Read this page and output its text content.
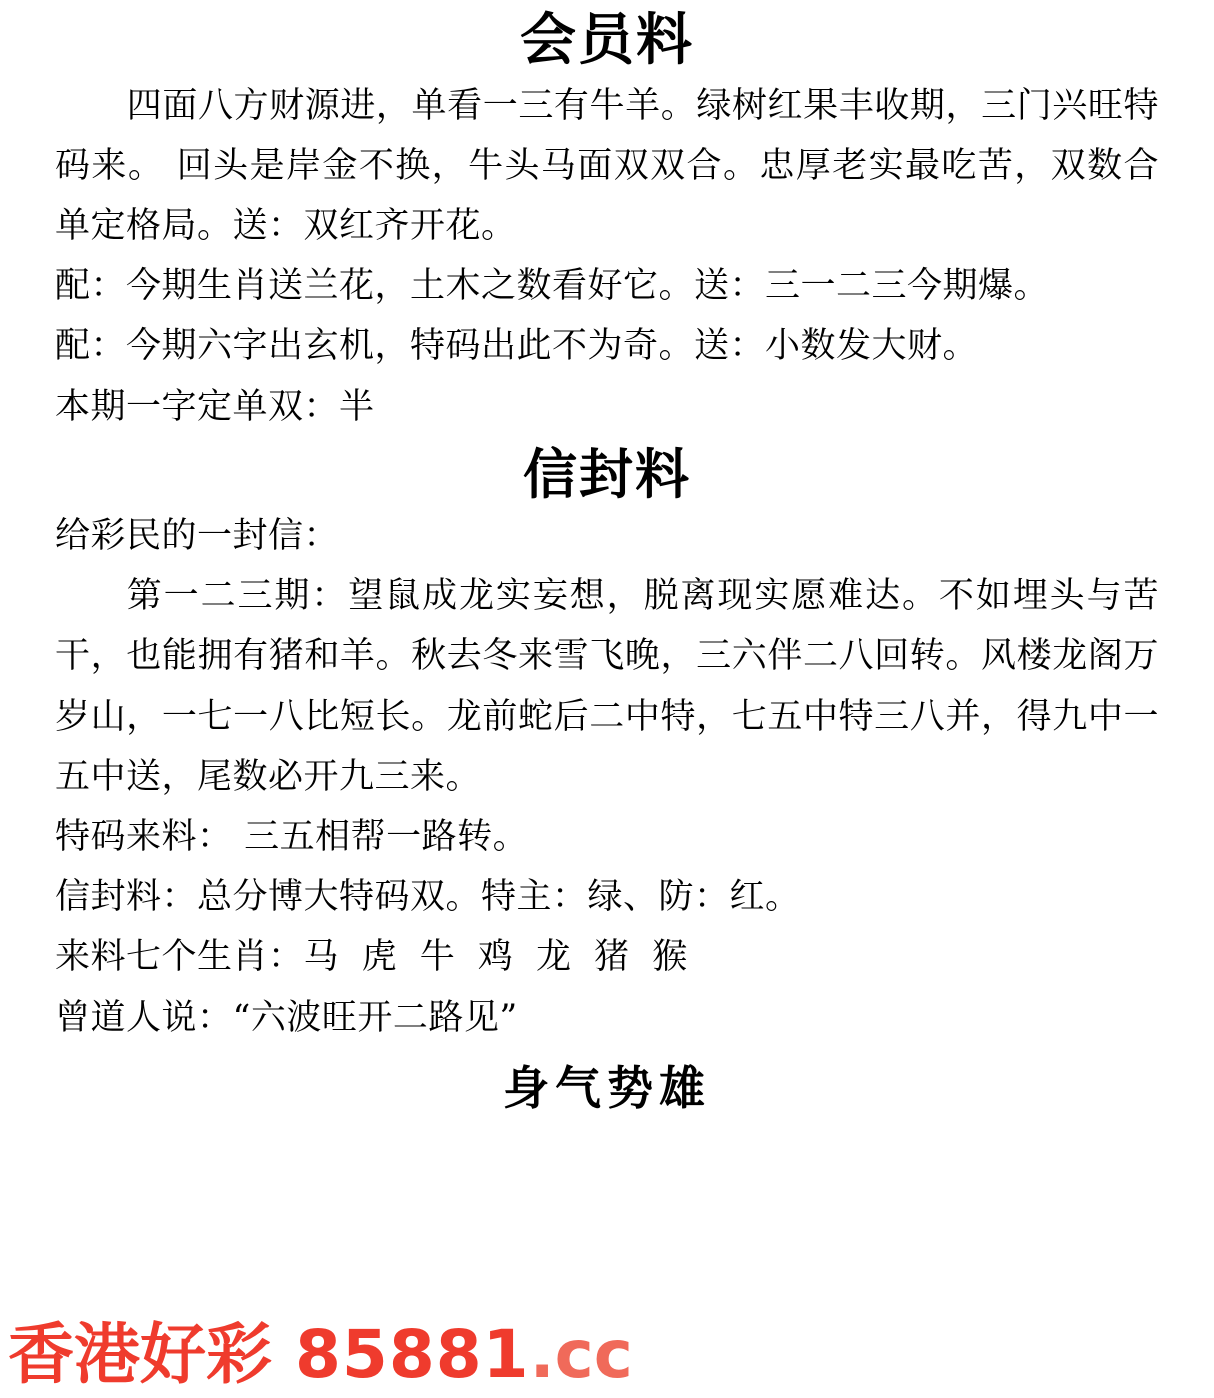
会员料

四面八方财源进，单看一三有牛羊。绿树红果丰收期，三门兴旺特码来。 回头是岸金不换，牛头马面双双合。忠厚老实最吃苦，双数合单定格局。送：双红齐开花。

配：今期生肖送兰花，土木之数看好它。送：三一二三今期爆。

配：今期六字出玄机，特码出此不为奇。送：小数发大财。

本期一字定单双：半

信封料

给彩民的一封信：

第一二三期：望鼠成龙实妄想，脱离现实愿难达。不如埋头与苦干，也能拥有猪和羊。秋去冬来雪飞晚，三六伴二八回转。风楼龙阁万岁山，一七一八比短长。龙前蛇后二中特，七五中特三八并，得九中一五中送，尾数必开九三来。

特码来料： 三五相帮一路转。

信封料：总分博大特码双。特主：绿、防：红。

来料七个生肖：马 虎 牛 鸡 龙 猪 猴

曾道人说：“六波旺开二路见”

身气势雄
香港好彩 85881.cc
